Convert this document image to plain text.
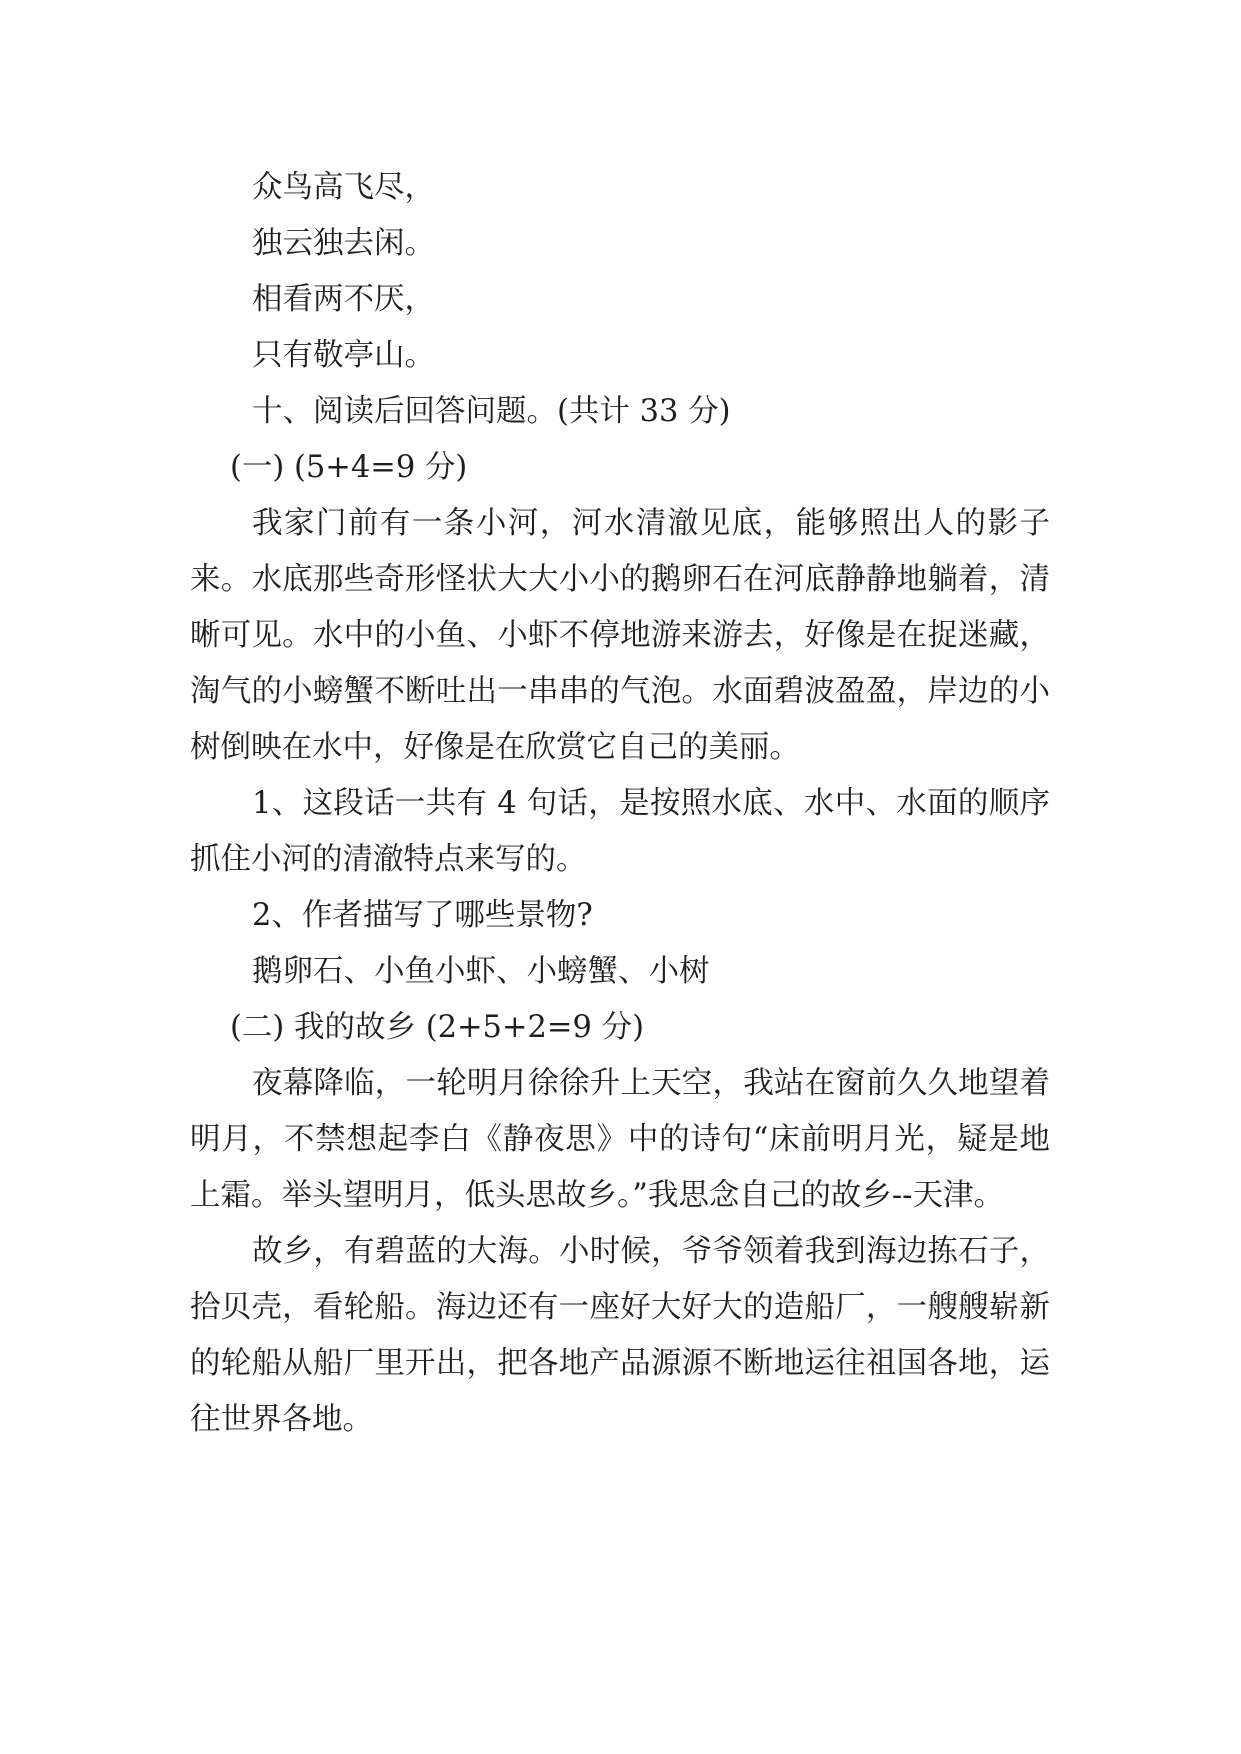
众鸟高飞尽，

独云独去闲。

相看两不厌，

只有敬亭山。

十、阅读后回答问题。(共计 33 分)

(一) (5+4=9 分)

我家门前有一条小河，河水清澈见底，能够照出人的影子来。水底那些奇形怪状大大小小的鹅卵石在河底静静地躺着，清晰可见。水中的小鱼、小虾不停地游来游去，好像是在捉迷藏，淘气的小螃蟹不断吐出一串串的气泡。水面碧波盈盈，岸边的小树倒映在水中，好像是在欣赏它自己的美丽。

1、这段话一共有 4 句话，是按照水底、水中、水面的顺序抓住小河的清澈特点来写的。

2、作者描写了哪些景物?

鹅卵石、小鱼小虾、小螃蟹、小树

(二) 我的故乡 (2+5+2=9 分)

夜幕降临，一轮明月徐徐升上天空，我站在窗前久久地望着明月，不禁想起李白《静夜思》中的诗句“床前明月光，疑是地上霜。举头望明月，低头思故乡。”我思念自己的故乡--天津。

故乡，有碧蓝的大海。小时候，爷爷领着我到海边拣石子，拾贝壳，看轮船。海边还有一座好大好大的造船厂，一艘艘崭新的轮船从船厂里开出，把各地产品源源不断地运往祖国各地，运往世界各地。
